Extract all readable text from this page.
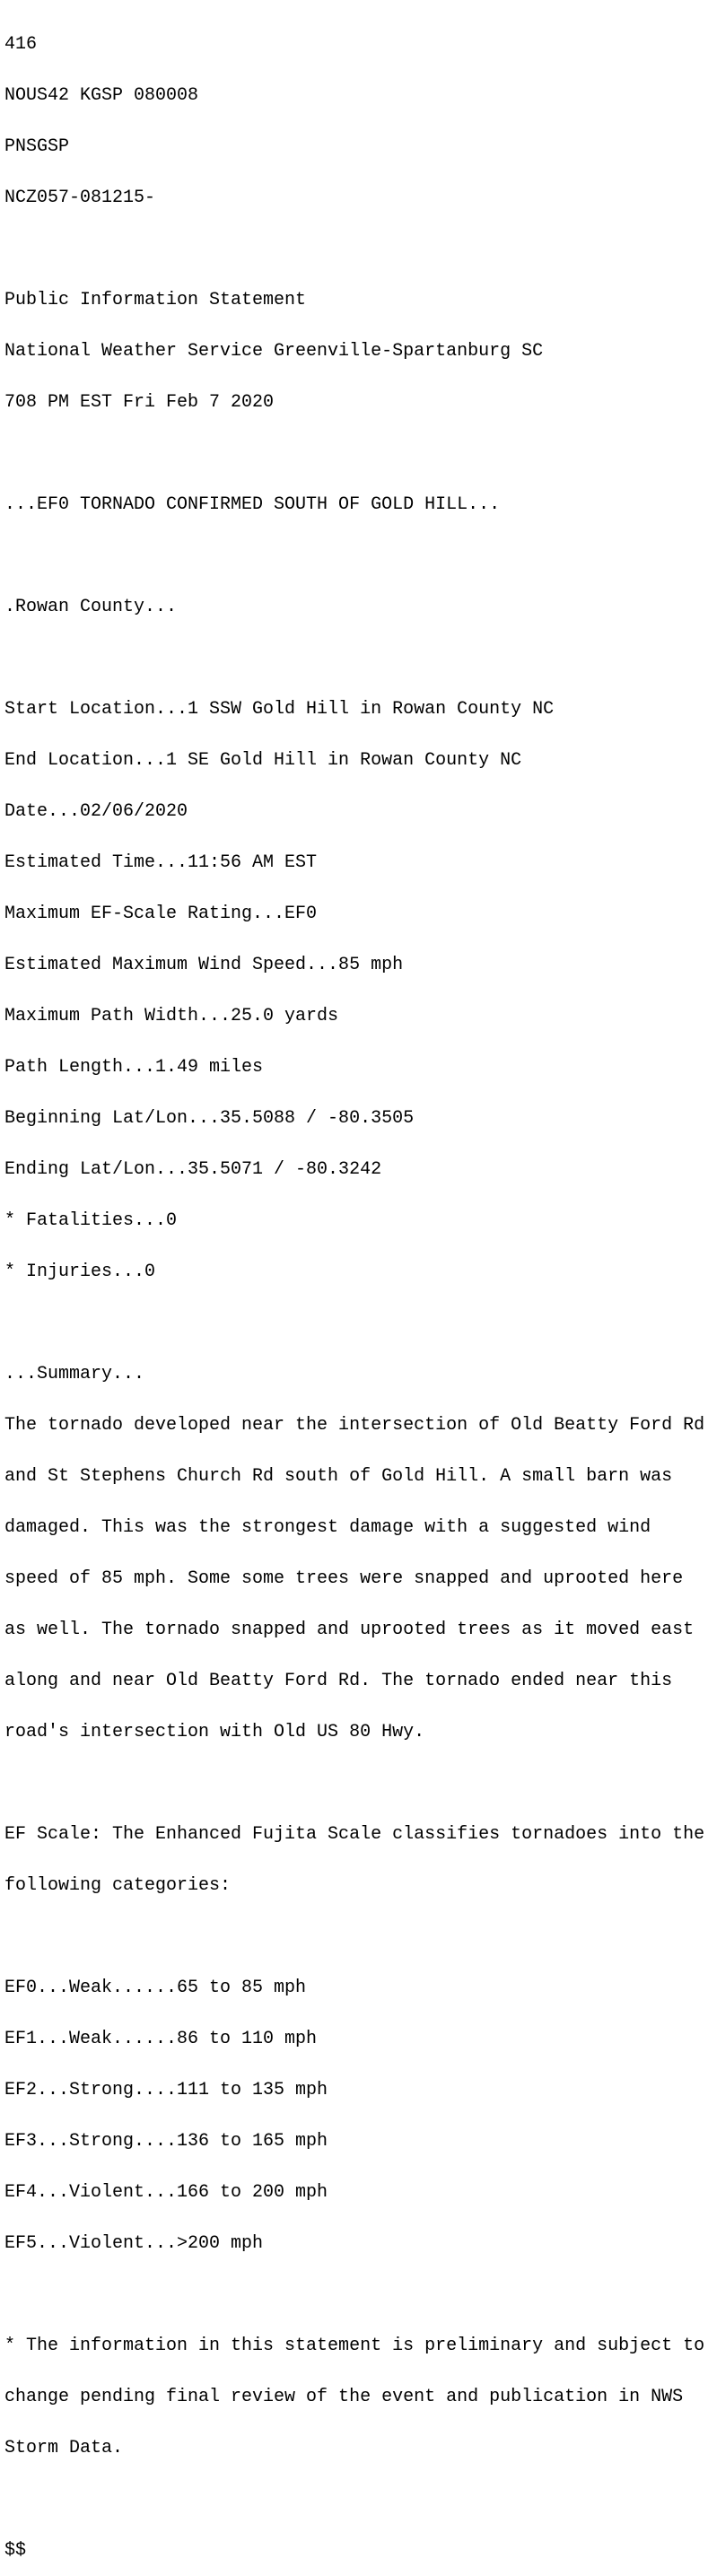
416

NOUS42 KGSP 080008

PNSGSP

NCZ057-081215-

Public Information Statement

National Weather Service Greenville-Spartanburg SC

708 PM EST Fri Feb 7 2020

...EF0 TORNADO CONFIRMED SOUTH OF GOLD HILL...

.Rowan County...

Start Location...1 SSW Gold Hill in Rowan County NC

End Location...1 SE Gold Hill in Rowan County NC

Date...02/06/2020

Estimated Time...11:56 AM EST

Maximum EF-Scale Rating...EF0

Estimated Maximum Wind Speed...85 mph

Maximum Path Width...25.0 yards

Path Length...1.49 miles

Beginning Lat/Lon...35.5088 / -80.3505

Ending Lat/Lon...35.5071 / -80.3242

* Fatalities...0

* Injuries...0

...Summary...

The tornado developed near the intersection of Old Beatty Ford Rd

and St Stephens Church Rd south of Gold Hill. A small barn was

damaged. This was the strongest damage with a suggested wind

speed of 85 mph. Some some trees were snapped and uprooted here

as well. The tornado snapped and uprooted trees as it moved east

along and near Old Beatty Ford Rd. The tornado ended near this

road's intersection with Old US 80 Hwy.

EF Scale: The Enhanced Fujita Scale classifies tornadoes into the

following categories:

EF0...Weak......65 to 85 mph

EF1...Weak......86 to 110 mph

EF2...Strong....111 to 135 mph

EF3...Strong....136 to 165 mph

EF4...Violent...166 to 200 mph

EF5...Violent...>200 mph

* The information in this statement is preliminary and subject to

change pending final review of the event and publication in NWS

Storm Data.

$$
